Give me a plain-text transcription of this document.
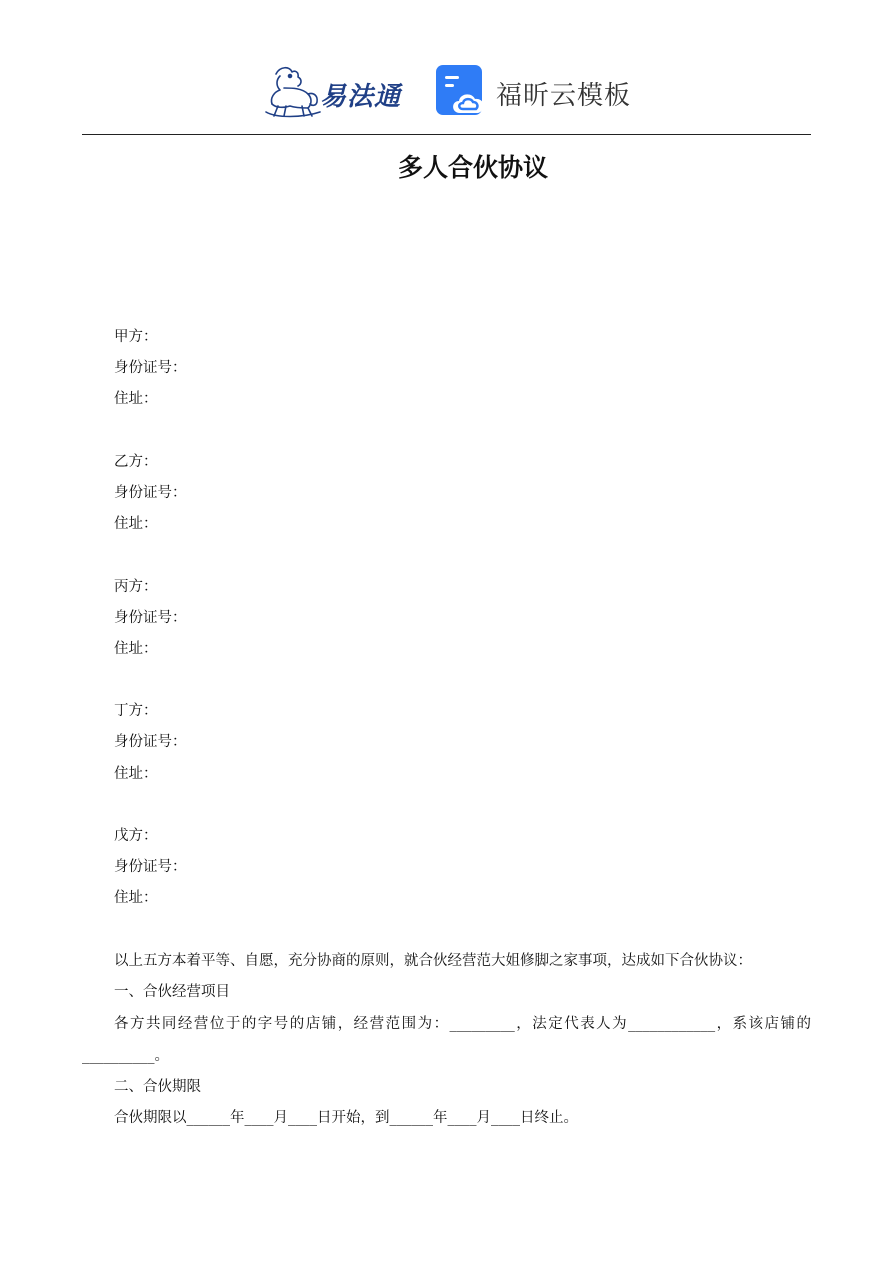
易法通	福昕云模板
多人合伙协议
甲方：
身份证号：
住址：
乙方：
身份证号：
住址：
丙方：
身份证号：
住址：
丁方：
身份证号：
住址：
戊方：
身份证号：
住址：
以上五方本着平等、自愿，充分协商的原则，就合伙经营范大姐修脚之家事项，达成如下合伙协议：
一、合伙经营项目

各方共同经营位于的字号的店铺，经营范围为：_________，法定代表人为____________，系该店铺的__________。

二、合伙期限
合伙期限以______年____月____日开始，到______年____月____日终止。
